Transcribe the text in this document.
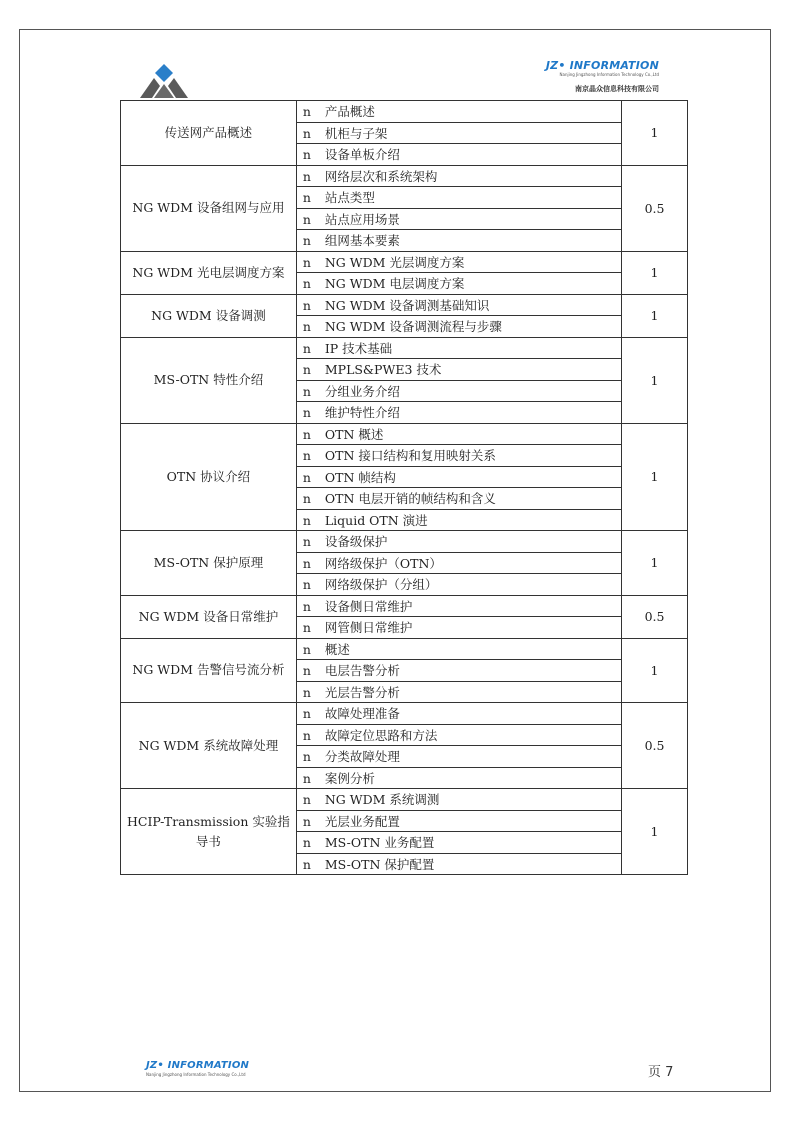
JZ• INFORMATION
Nanjing Jingzhong Information Technology Co.,Ltd
南京晶众信息科技有限公司
传送网产品概述	n 产品概述	1
	n 机柜与子架	
	n 设备单板介绍	
NG WDM 设备组网与应用	n 网络层次和系统架构	0.5
	n 站点类型	
	n 站点应用场景	
	n 组网基本要素	
NG WDM 光电层调度方案	n NG WDM 光层调度方案	1
	n NG WDM 电层调度方案	
NG WDM 设备调测	n NG WDM 设备调测基础知识	1
	n NG WDM 设备调测流程与步骤	
MS-OTN 特性介绍	n IP 技术基础	1
	n MPLS&PWE3 技术	
	n 分组业务介绍	
	n 维护特性介绍	
OTN 协议介绍	n OTN 概述	1
	n OTN 接口结构和复用映射关系	
	n OTN 帧结构	
	n OTN 电层开销的帧结构和含义	
	n Liquid OTN 演进	
MS-OTN 保护原理	n 设备级保护	1
	n 网络级保护（OTN）	
	n 网络级保护（分组）	
NG WDM 设备日常维护	n 设备侧日常维护	0.5
	n 网管侧日常维护	
NG WDM 告警信号流分析	n 概述	1
	n 电层告警分析	
	n 光层告警分析	
NG WDM 系统故障处理	n 故障处理准备	0.5
	n 故障定位思路和方法	
	n 分类故障处理	
	n 案例分析	
HCIP-Transmission 实验指导书	n NG WDM 系统调测	1
	n 光层业务配置	
	n MS-OTN 业务配置	
	n MS-OTN 保护配置	
JZ• INFORMATION
Nanjing Jingzhong Information Technology Co.,Ltd	页 7
